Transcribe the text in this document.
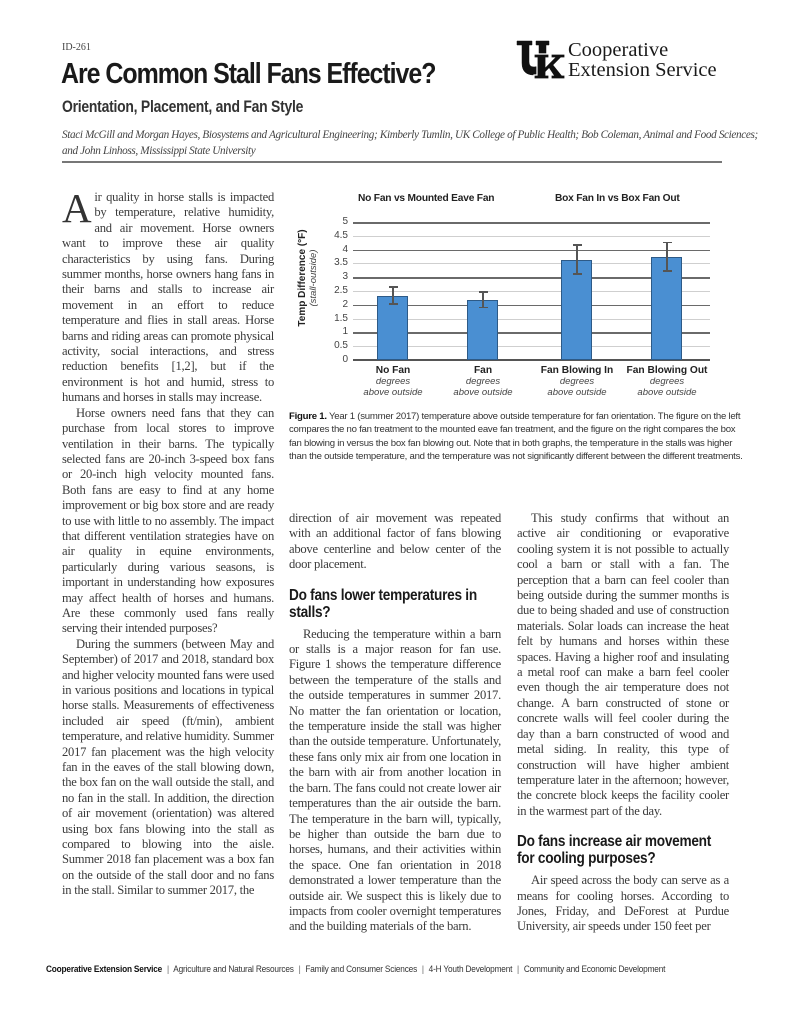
ID-261
Are Common Stall Fans Effective?
Orientation, Placement, and Fan Style
Staci McGill and Morgan Hayes, Biosystems and Agricultural Engineering; Kimberly Tumlin, UK College of Public Health; Bob Coleman, Animal and Food Sciences; and John Linhoss, Mississippi State University
Cooperative
Extension Service

Air quality in horse stalls is impacted by temperature, relative humidity, and air movement. Horse owners want to improve these air quality characteristics by using fans. During summer months, horse owners hang fans in their barns and stalls to increase air movement in an effort to reduce temperature and flies in stall areas. Horse barns and riding areas can promote physical activity, social interactions, and stress reduction benefits [1,2], but if the environment is hot and humid, stress to humans and horses in stalls may increase.

Horse owners need fans that they can purchase from local stores to improve ventilation in their barns. The typically selected fans are 20-inch 3-speed box fans or 20-inch high velocity mounted fans. Both fans are easy to find at any home improvement or big box store and are ready to use with little to no assembly. The impact that different ventilation strategies have on air quality in equine environments, particularly during various seasons, is important in understanding how exposures may affect health of horses and humans. Are these commonly used fans really serving their intended purposes?

During the summers (between May and September) of 2017 and 2018, standard box and higher velocity mounted fans were used in various positions and locations in typical horse stalls. Measurements of effectiveness included air speed (ft/min), ambient temperature, and relative humidity. Summer 2017 fan placement was the high velocity fan in the eaves of the stall blowing down, the box fan on the wall outside the stall, and no fan in the stall. In addition, the direction of air movement (orientation) was altered using box fans blowing into the stall as compared to blowing into the aisle. Summer 2018 fan placement was a box fan on the outside of the stall door and no fans in the stall. Similar to summer 2017, the

No Fan vs Mounted Eave Fan	Box Fan In vs Box Fan Out
Temp Difference (°F) (stall-outside)
0
0.5
1
1.5
2
2.5
3
3.5
4
4.5
5
No Fan
degrees
above outside
Fan
degrees
above outside
Fan Blowing In
degrees
above outside
Fan Blowing Out
degrees
above outside
Figure 1. Year 1 (summer 2017) temperature above outside temperature for fan orientation. The figure on the left compares the no fan treatment to the mounted eave fan treatment, and the figure on the right compares the box fan blowing in versus the box fan blowing out. Note that in both graphs, the temperature in the stalls was higher than the outside temperature, and the temperature was not significantly different between the different treatments.

direction of air movement was repeated with an additional factor of fans blowing above centerline and below center of the door placement.

Do fans lower temperatures in stalls?

Reducing the temperature within a barn or stalls is a major reason for fan use. Figure 1 shows the temperature difference between the temperature of the stalls and the outside temperatures in summer 2017. No matter the fan orientation or location, the temperature inside the stall was higher than the outside temperature. Unfortunately, these fans only mix air from one location in the barn with air from another location in the barn. The fans could not create lower air temperatures than the air outside the barn. The temperature in the barn will, typically, be higher than outside the barn due to horses, humans, and their activities within the space. One fan orientation in 2018 demonstrated a lower temperature than the outside air. We suspect this is likely due to impacts from cooler overnight temperatures and the building materials of the barn.

This study confirms that without an active air conditioning or evaporative cooling system it is not possible to actually cool a barn or stall with a fan. The perception that a barn can feel cooler than being outside during the summer months is due to being shaded and use of construction materials. Solar loads can increase the heat felt by humans and horses within these spaces. Having a higher roof and insulating a metal roof can make a barn feel cooler even though the air temperature does not change. A barn constructed of stone or concrete walls will feel cooler during the day than a barn constructed of wood and metal siding. In reality, this type of construction will have higher ambient temperature later in the afternoon; however, the concrete block keeps the facility cooler in the warmest part of the day.

Do fans increase air movement for cooling purposes?

Air speed across the body can serve as a means for cooling horses. According to Jones, Friday, and DeForest at Purdue University, air speeds under 150 feet per

Cooperative Extension Service | Agriculture and Natural Resources | Family and Consumer Sciences | 4-H Youth Development | Community and Economic Development
